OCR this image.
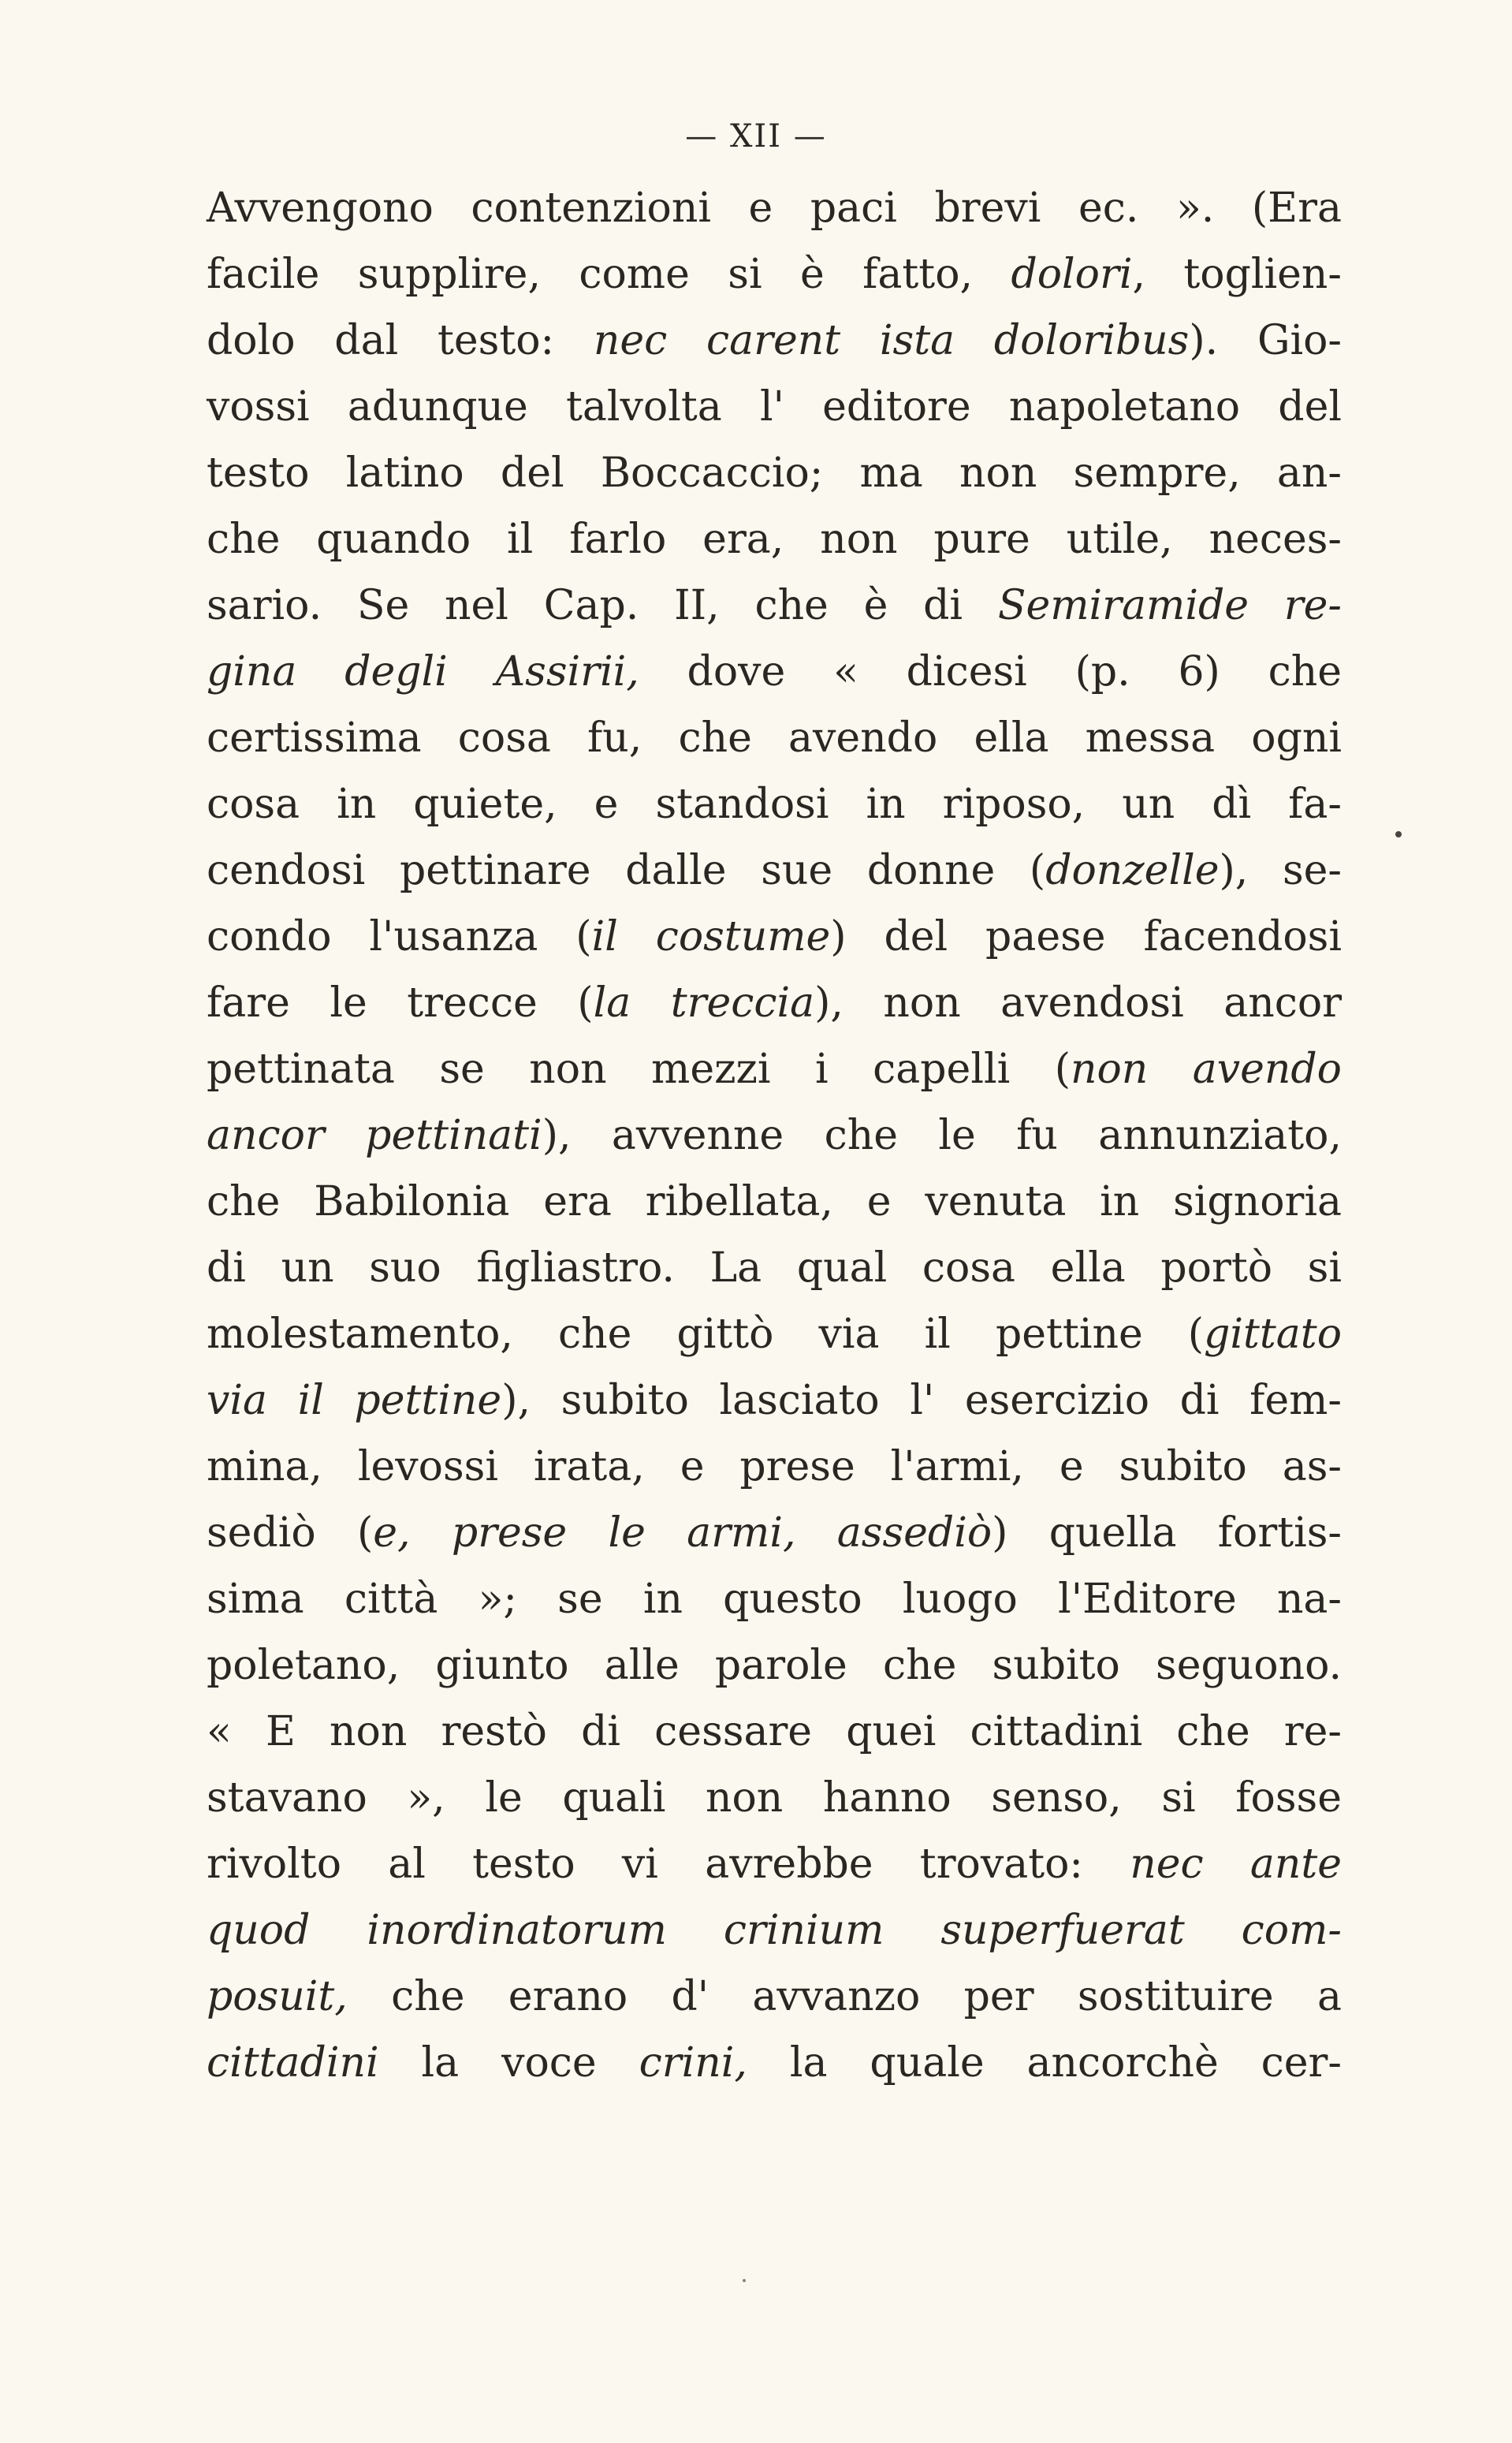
— XII —
Avvengono contenzioni e paci brevi ec. ». (Era
facile supplire, come si è fatto, dolori, toglien-
dolo dal testo: nec carent ista doloribus). Gio-
vossi adunque talvolta l' editore napoletano del
testo latino del Boccaccio; ma non sempre, an-
che quando il farlo era, non pure utile, neces-
sario. Se nel Cap. II, che è di Semiramide re-
gina degli Assirii, dove « dicesi (p. 6) che
certissima cosa fu, che avendo ella messa ogni
cosa in quiete, e standosi in riposo, un dì fa-
cendosi pettinare dalle sue donne (donzelle), se-
condo l'usanza (il costume) del paese facendosi
fare le trecce (la treccia), non avendosi ancor
pettinata se non mezzi i capelli (non avendo
ancor pettinati), avvenne che le fu annunziato,
che Babilonia era ribellata, e venuta in signoria
di un suo figliastro. La qual cosa ella portò si
molestamento, che gittò via il pettine (gittato
via il pettine), subito lasciato l' esercizio di fem-
mina, levossi irata, e prese l'armi, e subito as-
sediò (e, prese le armi, assediò) quella fortis-
sima città »; se in questo luogo l'Editore na-
poletano, giunto alle parole che subito seguono.
« E non restò di cessare quei cittadini che re-
stavano », le quali non hanno senso, si fosse
rivolto al testo vi avrebbe trovato: nec ante
quod inordinatorum crinium superfuerat com-
posuit, che erano d' avvanzo per sostituire a
cittadini la voce crini, la quale ancorchè cer-
